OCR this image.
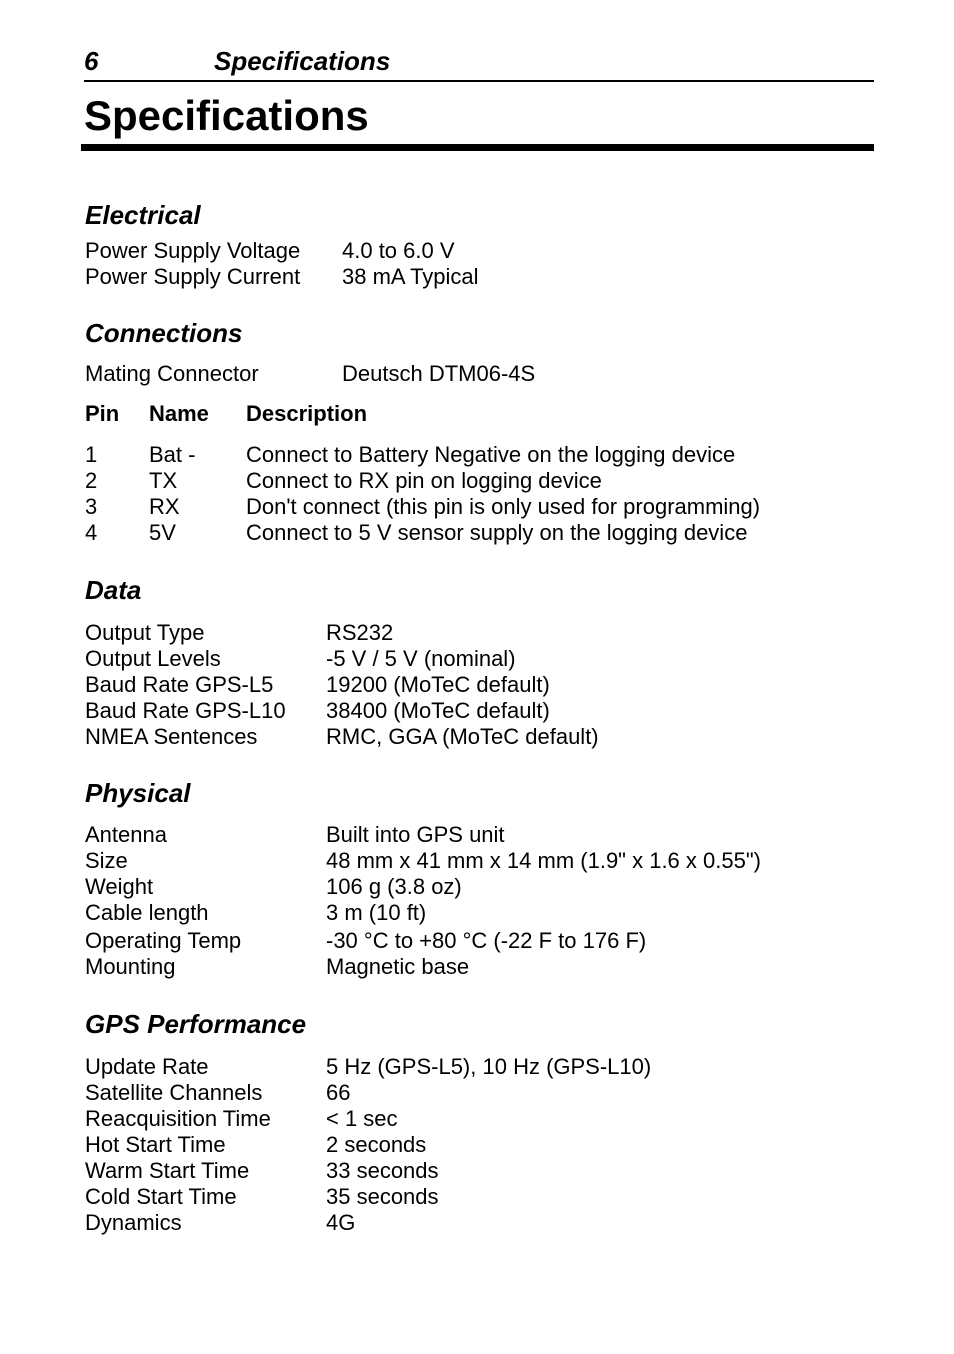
6	Specifications
Specifications
Electrical
Power Supply Voltage 4.0 to 6.0 V
Power Supply Current 38 mA Typical
Connections
Mating Connector	Deutsch DTM06-4S
Pin Name Description
1 Bat - Connect to Battery Negative on the logging device
2 TX	Connect to RX pin on logging device
3 RX	Don't connect (this pin is only used for programming)
4 5V	Connect to 5 V sensor supply on the logging device
Data
Output Type	RS232
Output Levels	-5 V / 5 V (nominal)
Baud Rate GPS-L5 19200 (MoTeC default)
Baud Rate GPS-L10 38400 (MoTeC default)
NMEA Sentences	RMC, GGA (MoTeC default)
Physical
Antenna	Built into GPS unit
Size	48 mm x 41 mm x 14 mm (1.9" x 1.6 x 0.55")
Weight	106 g (3.8 oz)
Cable length	3 m (10 ft)
Operating Temp	-30 °C to +80 °C (-22 F to 176 F)
Mounting	Magnetic base
GPS Performance
Update Rate	5 Hz (GPS-L5), 10 Hz (GPS-L10)
Satellite Channels	66
Reacquisition Time	< 1 sec
Hot Start Time	2 seconds
Warm Start Time	33 seconds
Cold Start Time	35 seconds
Dynamics	4G
